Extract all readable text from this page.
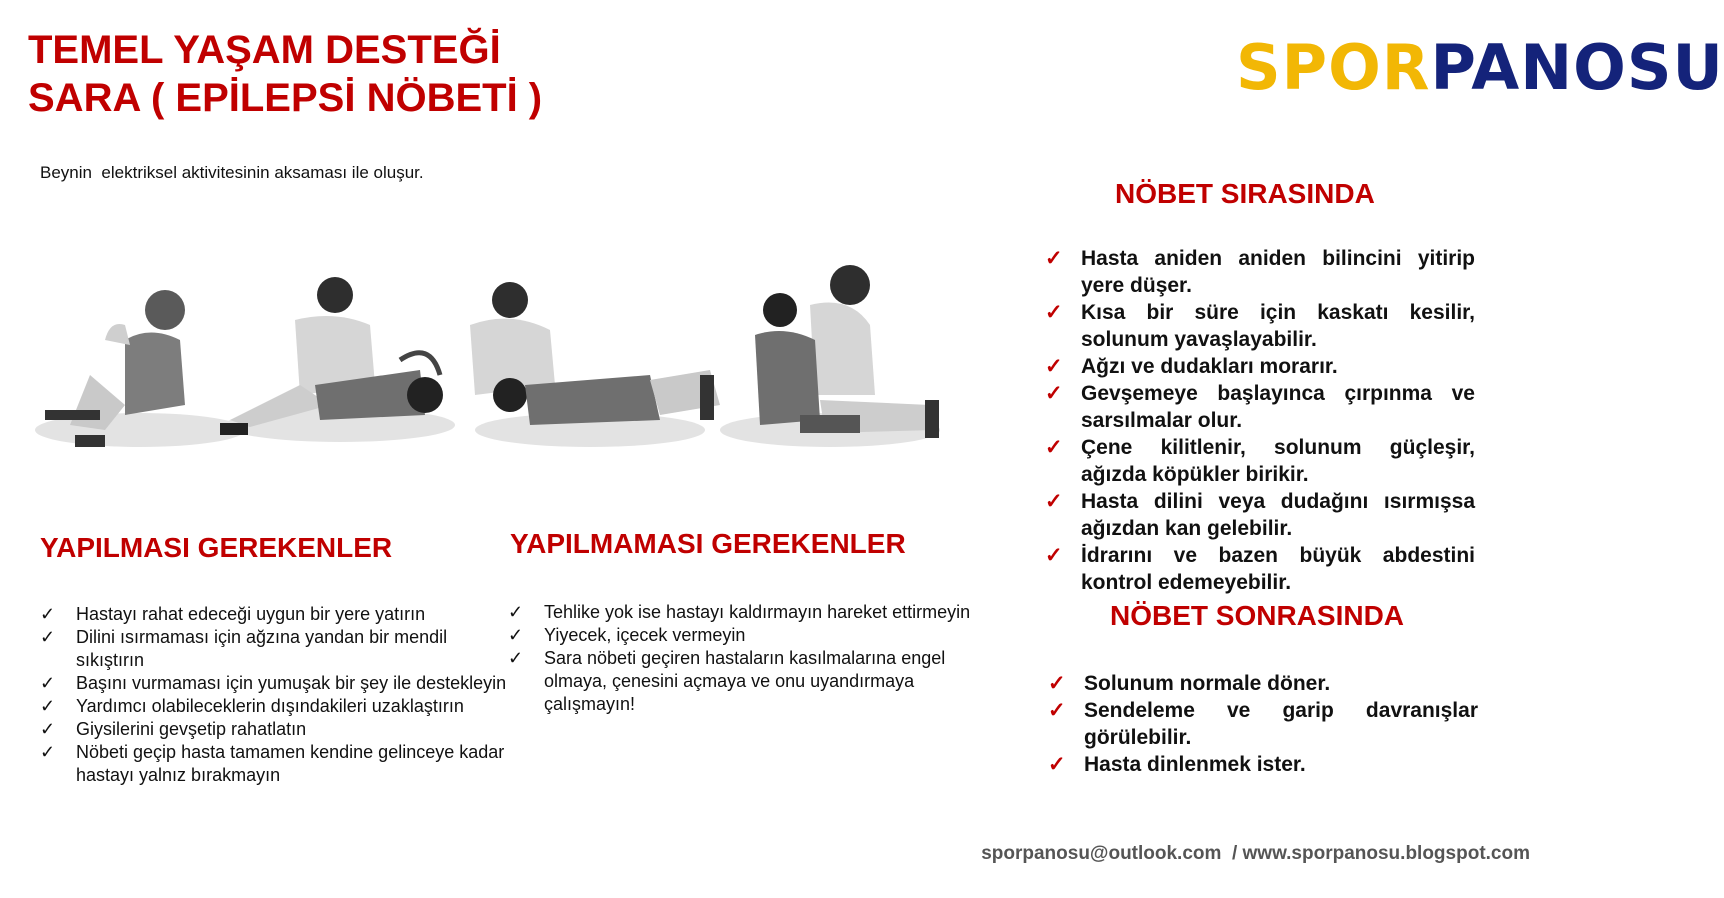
TEMEL YAŞAM DESTEĞİ
SARA ( EPİLEPSİ NÖBETİ )	SPORPANOSU
Beynin  elektriksel aktivitesinin aksaması ile oluşur.
YAPILMASI GEREKENLER
✓ Hastayı rahat edeceği uygun bir yere yatırın
✓ Dilini ısırmaması için ağzına yandan bir mendil sıkıştırın
✓ Başını vurmaması için yumuşak bir şey ile destekleyin
✓ Yardımcı olabileceklerin dışındakileri uzaklaştırın
✓ Giysilerini gevşetip rahatlatın
✓ Nöbeti geçip hasta tamamen kendine gelinceye kadar hastayı yalnız bırakmayın
YAPILMAMASI GEREKENLER
✓ Tehlike yok ise hastayı kaldırmayın hareket ettirmeyin
✓ Yiyecek, içecek vermeyin
✓ Sara nöbeti geçiren hastaların kasılmalarına engel olmaya, çenesini açmaya ve onu uyandırmaya çalışmayın!
NÖBET SIRASINDA
✓ Hasta aniden aniden bilincini yitirip yere düşer.
✓ Kısa bir süre için kaskatı kesilir, solunum yavaşlayabilir.
✓ Ağzı ve dudakları morarır.
✓ Gevşemeye başlayınca çırpınma ve sarsılmalar olur.
✓ Çene kilitlenir, solunum güçleşir, ağızda köpükler birikir.
✓ Hasta dilini veya dudağını ısırmışsa ağızdan kan gelebilir.
✓ İdrarını ve bazen büyük abdestini kontrol edemeyebilir.
NÖBET SONRASINDA
✓ Solunum normale döner.
✓ Sendeleme ve garip davranışlar görülebilir.
✓ Hasta dinlenmek ister.
sporpanosu@outlook.com  / www.sporpanosu.blogspot.com
